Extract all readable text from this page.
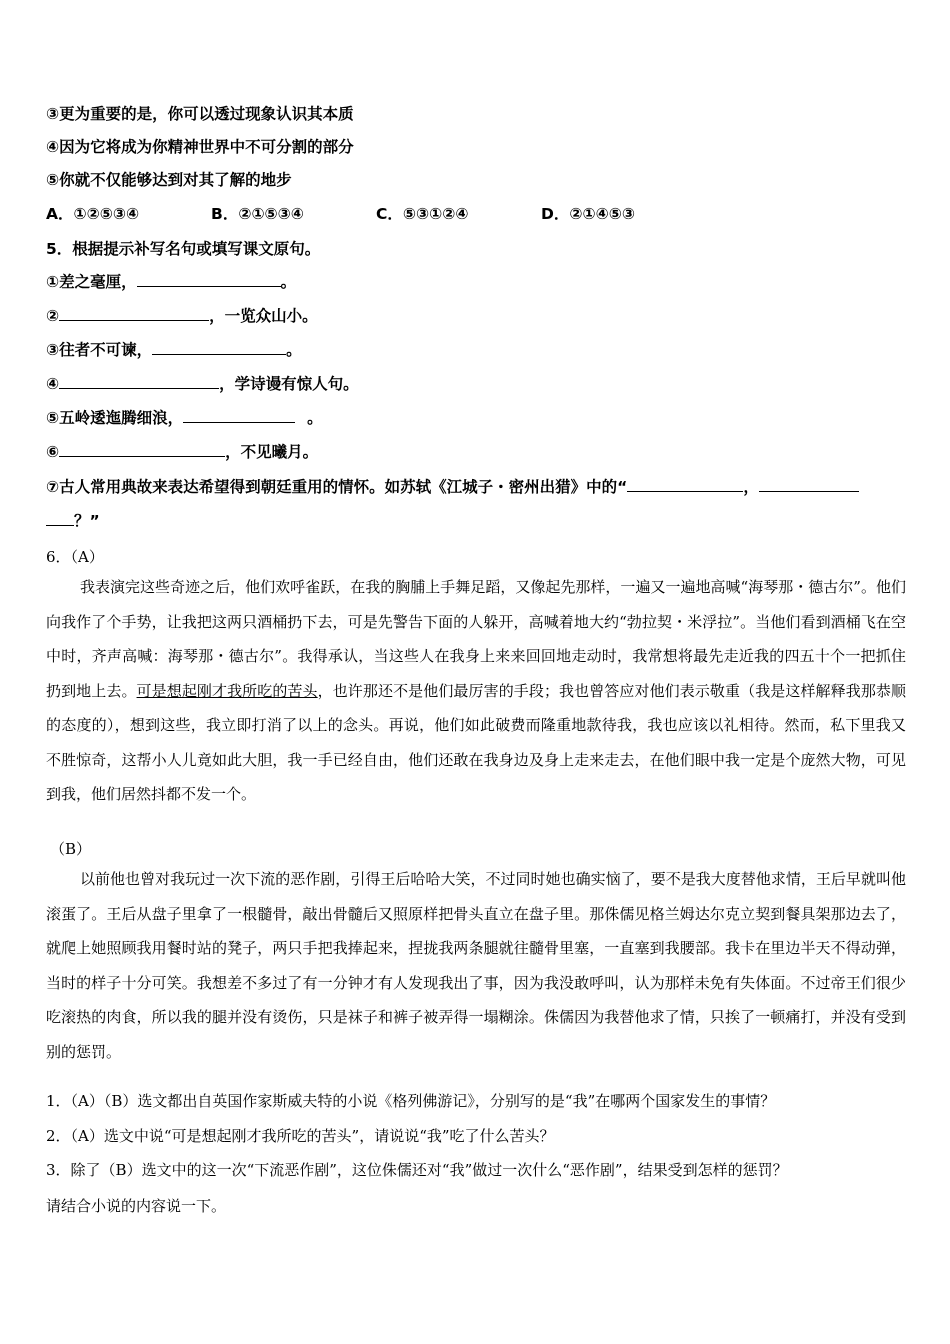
③更为重要的是，你可以透过现象认识其本质
④因为它将成为你精神世界中不可分割的部分
⑤你就不仅能够达到对其了解的地步
A．①②⑤③④	B．②①⑤③④	C．⑤③①②④	D．②①④⑤③
5．根据提示补写名句或填写课文原句。
①差之毫厘，	。
②	，一览众山小。
③往者不可谏，	。
④	，学诗谩有惊人句。
⑤五岭逶迤腾细浪，	。
⑥	，不见曦月。
⑦古人常用典故来表达希望得到朝廷重用的情怀。如苏轼《江城子・密州出猎》中的“	，
？”
6．（A）

我表演完这些奇迹之后，他们欢呼雀跃，在我的胸脯上手舞足蹈，又像起先那样，一遍又一遍地高喊“海琴那・德古尔”。他们向我作了个手势，让我把这两只酒桶扔下去，可是先警告下面的人躲开，高喊着地大约“勃拉契・米浮拉”。当他们看到酒桶飞在空中时，齐声高喊：海琴那・德古尔”。我得承认，当这些人在我身上来来回回地走动时，我常想将最先走近我的四五十个一把抓住扔到地上去。可是想起刚才我所吃的苦头，也许那还不是他们最厉害的手段；我也曾答应对他们表示敬重（我是这样解释我那恭顺的态度的），想到这些，我立即打消了以上的念头。再说，他们如此破费而隆重地款待我，我也应该以礼相待。然而，私下里我又不胜惊奇，这帮小人儿竟如此大胆，我一手已经自由，他们还敢在我身边及身上走来走去，在他们眼中我一定是个庞然大物，可见到我，他们居然抖都不发一个。

（B）

以前他也曾对我玩过一次下流的恶作剧，引得王后哈哈大笑，不过同时她也确实恼了，要不是我大度替他求情，王后早就叫他滚蛋了。王后从盘子里拿了一根髓骨，敲出骨髓后又照原样把骨头直立在盘子里。那侏儒见格兰姆达尔克立契到餐具架那边去了，就爬上她照顾我用餐时站的凳子，两只手把我捧起来，捏拢我两条腿就往髓骨里塞，一直塞到我腰部。我卡在里边半天不得动弹，当时的样子十分可笑。我想差不多过了有一分钟才有人发现我出了事，因为我没敢呼叫，认为那样未免有失体面。不过帝王们很少吃滚热的肉食，所以我的腿并没有烫伤，只是袜子和裤子被弄得一塌糊涂。侏儒因为我替他求了情，只挨了一顿痛打，并没有受到别的惩罚。

1．（A）（B）选文都出自英国作家斯威夫特的小说《格列佛游记》，分别写的是“我”在哪两个国家发生的事情？
2．（A）选文中说“可是想起刚才我所吃的苦头”，请说说“我”吃了什么苦头？
3．除了（B）选文中的这一次“下流恶作剧”，这位侏儒还对“我”做过一次什么“恶作剧”，结果受到怎样的惩罚？
请结合小说的内容说一下。
